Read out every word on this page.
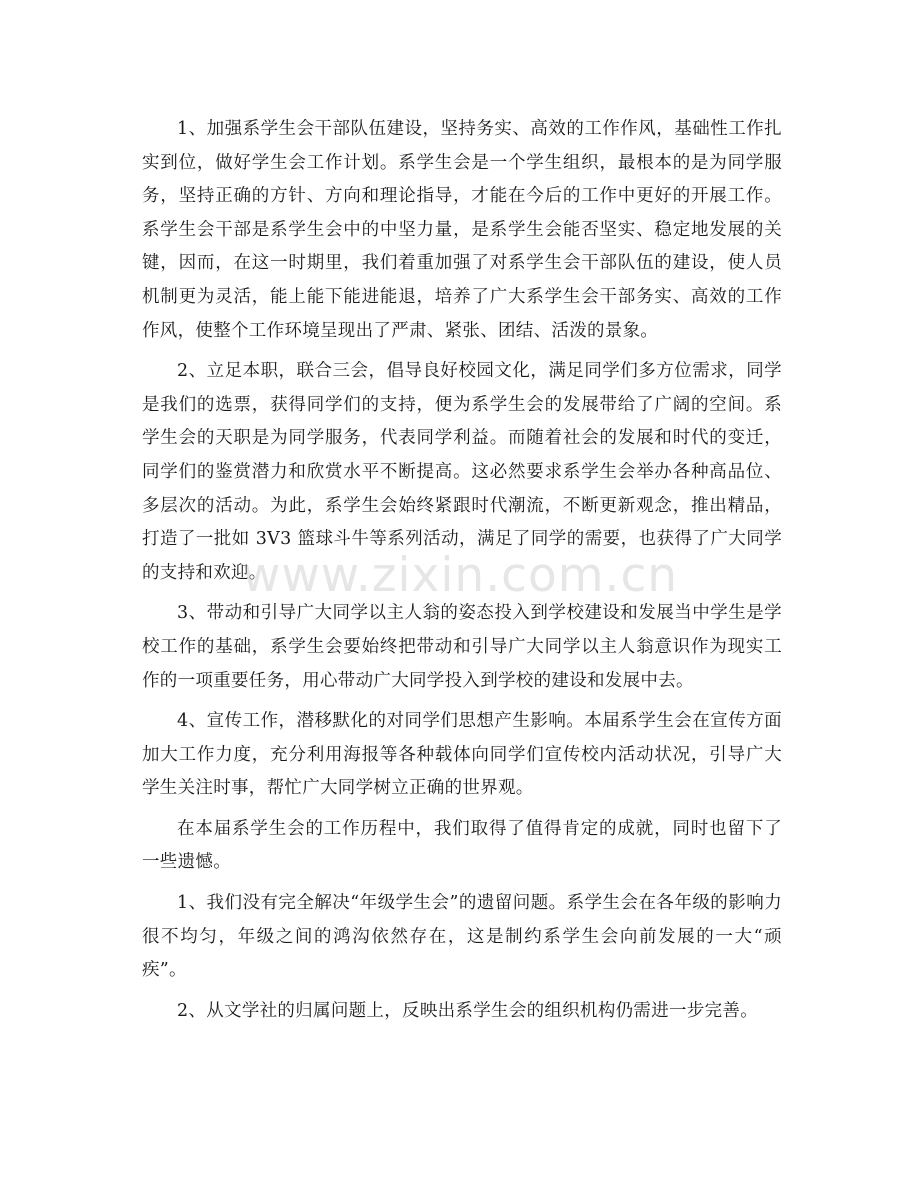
1、加强系学生会干部队伍建设，坚持务实、高效的工作作风，基础性工作扎实到位，做好学生会工作计划。系学生会是一个学生组织，最根本的是为同学服务，坚持正确的方针、方向和理论指导，才能在今后的工作中更好的开展工作。系学生会干部是系学生会中的中坚力量，是系学生会能否坚实、稳定地发展的关键，因而，在这一时期里，我们着重加强了对系学生会干部队伍的建设，使人员机制更为灵活，能上能下能进能退，培养了广大系学生会干部务实、高效的工作作风，使整个工作环境呈现出了严肃、紧张、团结、活泼的景象。

2、立足本职，联合三会，倡导良好校园文化，满足同学们多方位需求，同学是我们的选票，获得同学们的支持，便为系学生会的发展带给了广阔的空间。系学生会的天职是为同学服务，代表同学利益。而随着社会的发展和时代的变迁，同学们的鉴赏潜力和欣赏水平不断提高。这必然要求系学生会举办各种高品位、多层次的活动。为此，系学生会始终紧跟时代潮流，不断更新观念，推出精品，打造了一批如 3V3 篮球斗牛等系列活动，满足了同学的需要，也获得了广大同学的支持和欢迎。

3、带动和引导广大同学以主人翁的姿态投入到学校建设和发展当中学生是学校工作的基础，系学生会要始终把带动和引导广大同学以主人翁意识作为现实工作的一项重要任务，用心带动广大同学投入到学校的建设和发展中去。

4、宣传工作，潜移默化的对同学们思想产生影响。本届系学生会在宣传方面加大工作力度，充分利用海报等各种载体向同学们宣传校内活动状况，引导广大学生关注时事，帮忙广大同学树立正确的世界观。

在本届系学生会的工作历程中，我们取得了值得肯定的成就，同时也留下了一些遗憾。

1、我们没有完全解决“年级学生会”的遗留问题。系学生会在各年级的影响力很不均匀，年级之间的鸿沟依然存在，这是制约系学生会向前发展的一大“顽疾”。

2、从文学社的归属问题上，反映出系学生会的组织机构仍需进一步完善。

www.zixin.com.cn
